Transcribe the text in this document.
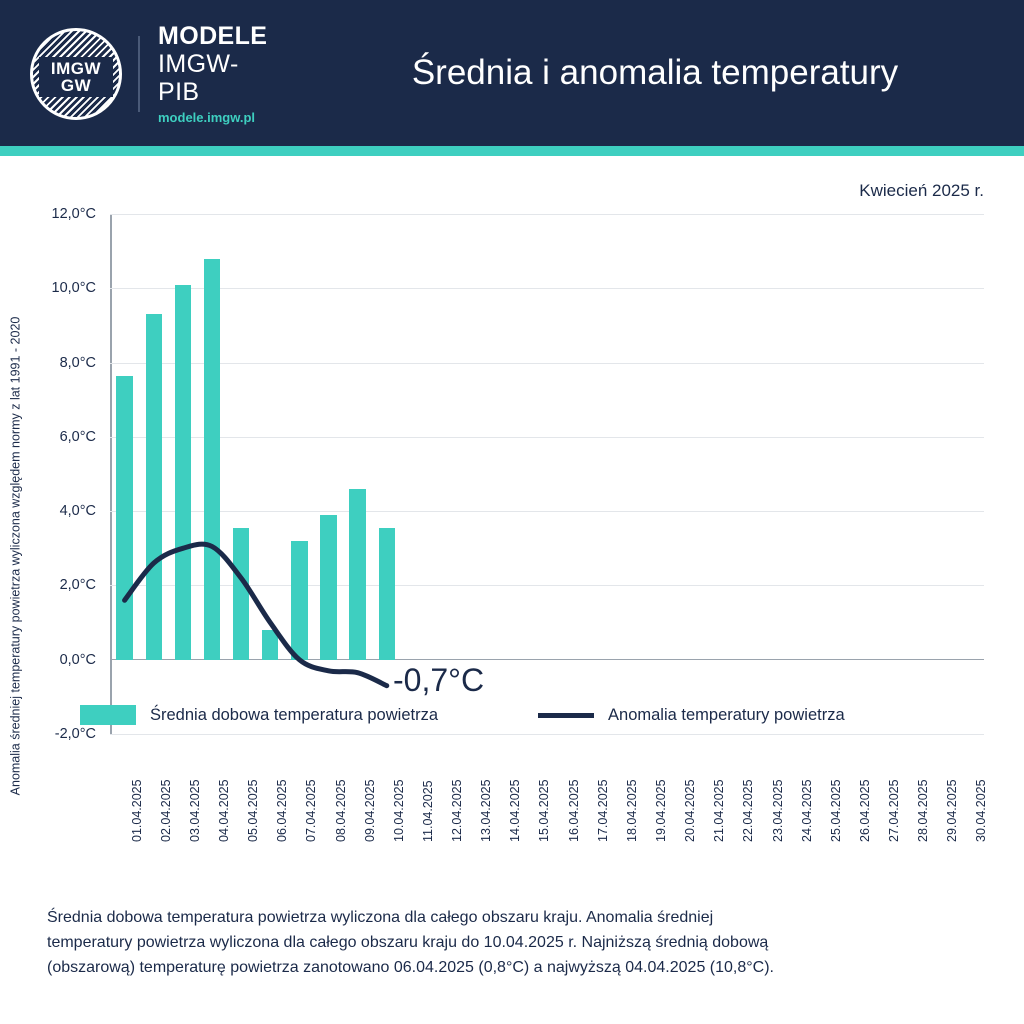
IMGW
GW
MODELE
IMGW-PIB
modele.imgw.pl
Średnia i anomalia temperatury
Kwiecień 2025 r.
Anomalia średniej temperatury powietrza wyliczona względem normy z lat 1991 - 2020
12,0°C
10,0°C
8,0°C
6,0°C
4,0°C
2,0°C
0,0°C
-2,0°C
01.04.2025 02.04.2025 03.04.2025 04.04.2025 05.04.2025 06.04.2025 07.04.2025 08.04.2025 09.04.2025 10.04.2025 11.04.2025 12.04.2025 13.04.2025 14.04.2025 15.04.2025 16.04.2025 17.04.2025 18.04.2025 19.04.2025 20.04.2025 21.04.2025 22.04.2025 23.04.2025 24.04.2025 25.04.2025 26.04.2025 27.04.2025 28.04.2025 29.04.2025 30.04.2025
-0,7°C
Średnia dobowa temperatura powietrza	Anomalia temperatury powietrza

Średnia dobowa temperatura powietrza wyliczona dla całego obszaru kraju. Anomalia średniej

temperatury powietrza wyliczona dla całego obszaru kraju do 10.04.2025 r. Najniższą średnią dobową

(obszarową) temperaturę powietrza zanotowano 06.04.2025 (0,8°C) a najwyższą 04.04.2025 (10,8°C).
